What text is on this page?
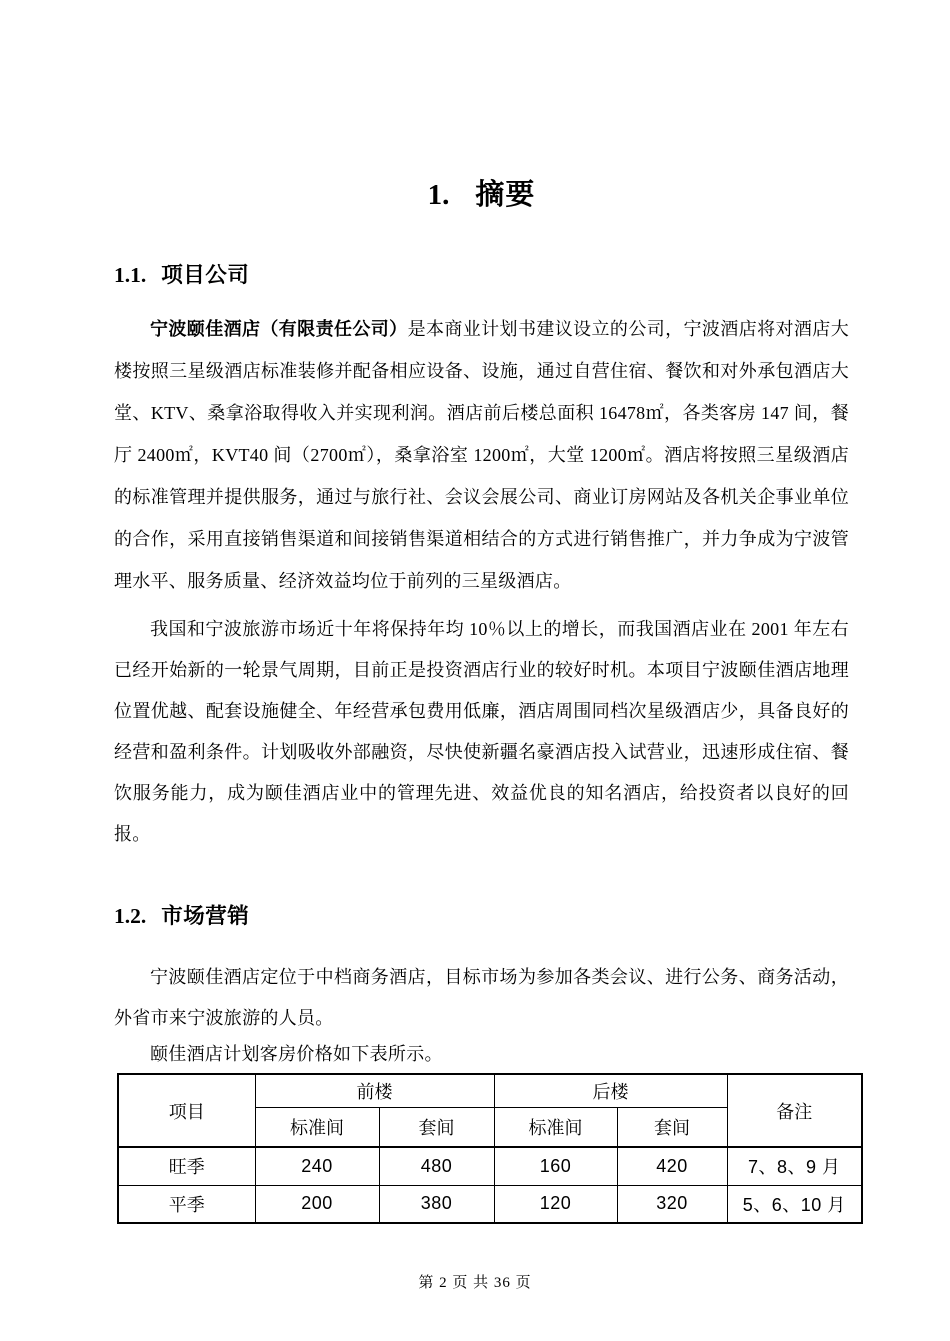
1. 摘要
1.1. 项目公司

宁波颐佳酒店（有限责任公司）是本商业计划书建议设立的公司，宁波酒店将对酒店大楼按照三星级酒店标准装修并配备相应设备、设施，通过自营住宿、餐饮和对外承包酒店大堂、KTV、桑拿浴取得收入并实现利润。酒店前后楼总面积 16478㎡，各类客房 147 间，餐厅 2400㎡，KVT40 间（2700㎡），桑拿浴室 1200㎡，大堂 1200㎡。酒店将按照三星级酒店的标准管理并提供服务，通过与旅行社、会议会展公司、商业订房网站及各机关企事业单位的合作，采用直接销售渠道和间接销售渠道相结合的方式进行销售推广，并力争成为宁波管理水平、服务质量、经济效益均位于前列的三星级酒店。

我国和宁波旅游市场近十年将保持年均 10％以上的增长，而我国酒店业在 2001 年左右已经开始新的一轮景气周期，目前正是投资酒店行业的较好时机。本项目宁波颐佳酒店地理位置优越、配套设施健全、年经营承包费用低廉，酒店周围同档次星级酒店少，具备良好的经营和盈利条件。计划吸收外部融资，尽快使新疆名豪酒店投入试营业，迅速形成住宿、餐饮服务能力，成为颐佳酒店业中的管理先进、效益优良的知名酒店，给投资者以良好的回报。

1.2. 市场营销

宁波颐佳酒店定位于中档商务酒店，目标市场为参加各类会议、进行公务、商务活动，外省市来宁波旅游的人员。

颐佳酒店计划客房价格如下表所示。

项目	前楼		后楼		备注
	标准间	套间	标准间	套间	
旺季	240	480	160	420	7、8、9 月
平季	200	380	120	320	5、6、10 月
第 2 页 共 36 页
